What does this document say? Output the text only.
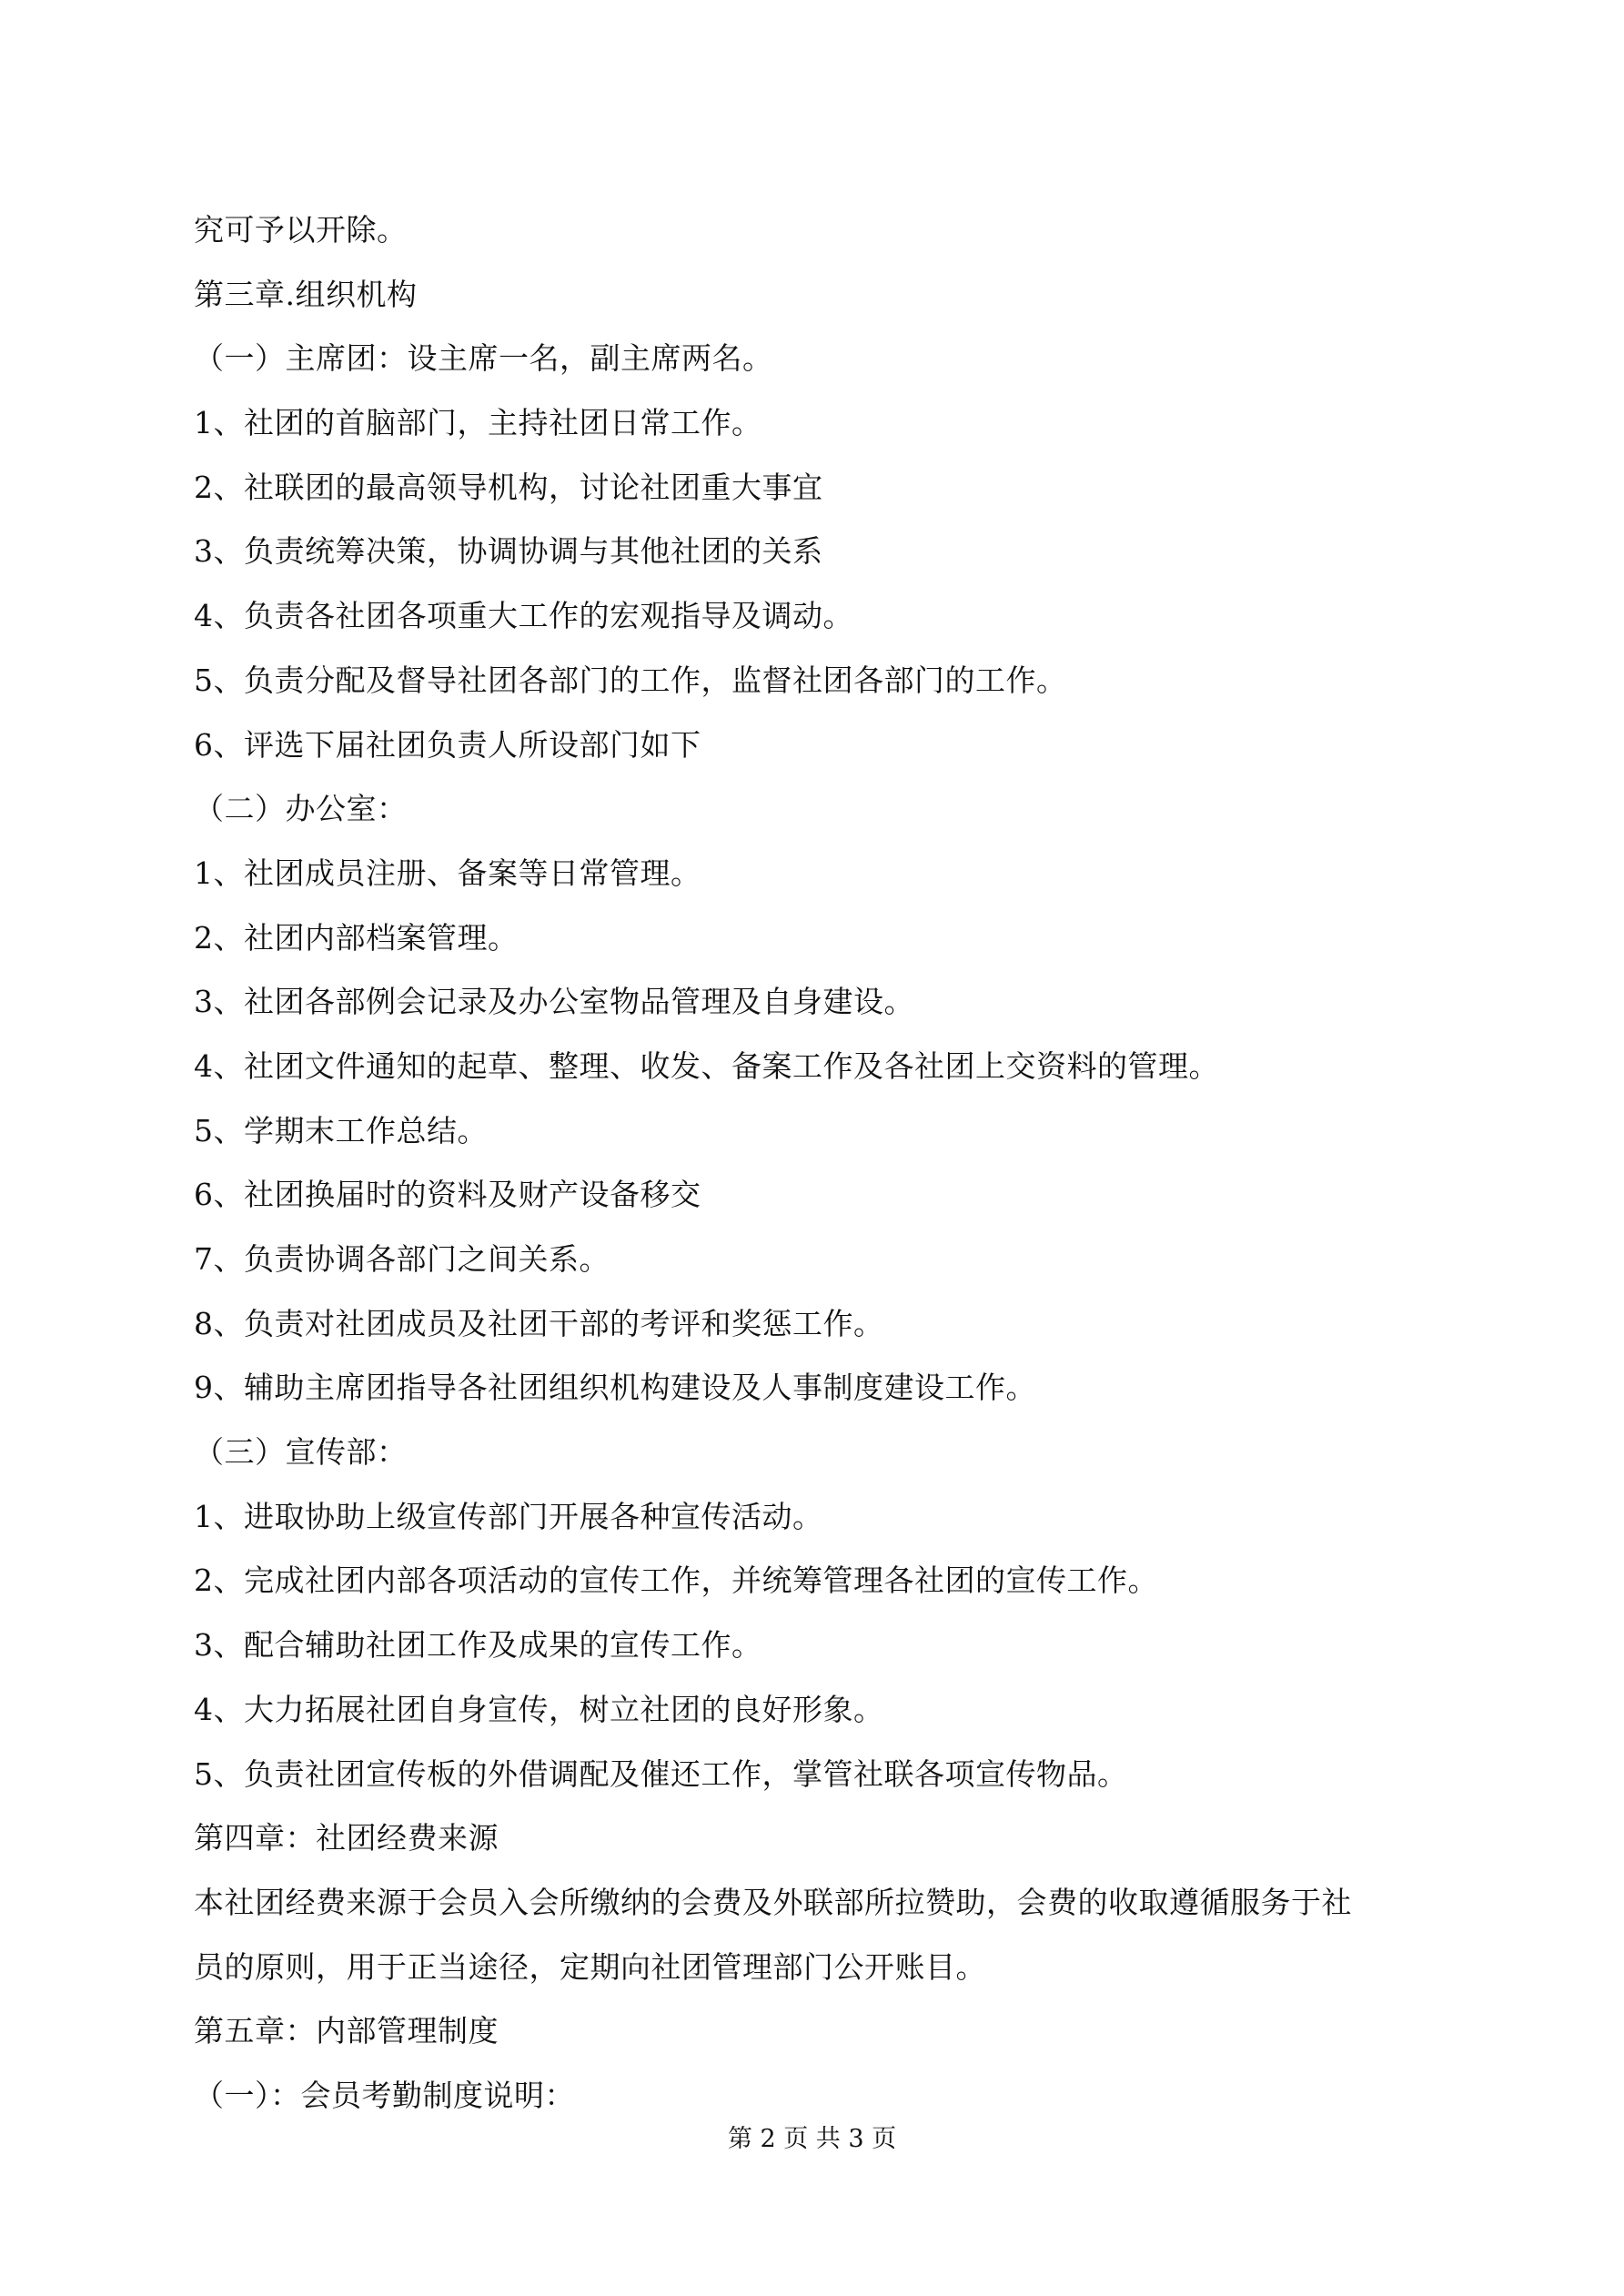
究可予以开除。
第三章.组织机构
（一）主席团：设主席一名，副主席两名。
1、社团的首脑部门，主持社团日常工作。
2、社联团的最高领导机构，讨论社团重大事宜
3、负责统筹决策，协调协调与其他社团的关系
4、负责各社团各项重大工作的宏观指导及调动。
5、负责分配及督导社团各部门的工作，监督社团各部门的工作。
6、评选下届社团负责人所设部门如下
（二）办公室：
1、社团成员注册、备案等日常管理。
2、社团内部档案管理。
3、社团各部例会记录及办公室物品管理及自身建设。
4、社团文件通知的起草、整理、收发、备案工作及各社团上交资料的管理。
5、学期末工作总结。
6、社团换届时的资料及财产设备移交
7、负责协调各部门之间关系。
8、负责对社团成员及社团干部的考评和奖惩工作。
9、辅助主席团指导各社团组织机构建设及人事制度建设工作。
（三）宣传部：
1、进取协助上级宣传部门开展各种宣传活动。
2、完成社团内部各项活动的宣传工作，并统筹管理各社团的宣传工作。
3、配合辅助社团工作及成果的宣传工作。
4、大力拓展社团自身宣传，树立社团的良好形象。
5、负责社团宣传板的外借调配及催还工作，掌管社联各项宣传物品。
第四章：社团经费来源
本社团经费来源于会员入会所缴纳的会费及外联部所拉赞助，会费的收取遵循服务于社
员的原则，用于正当途径，定期向社团管理部门公开账目。
第五章：内部管理制度
（一）：会员考勤制度说明：
第 2 页 共 3 页
